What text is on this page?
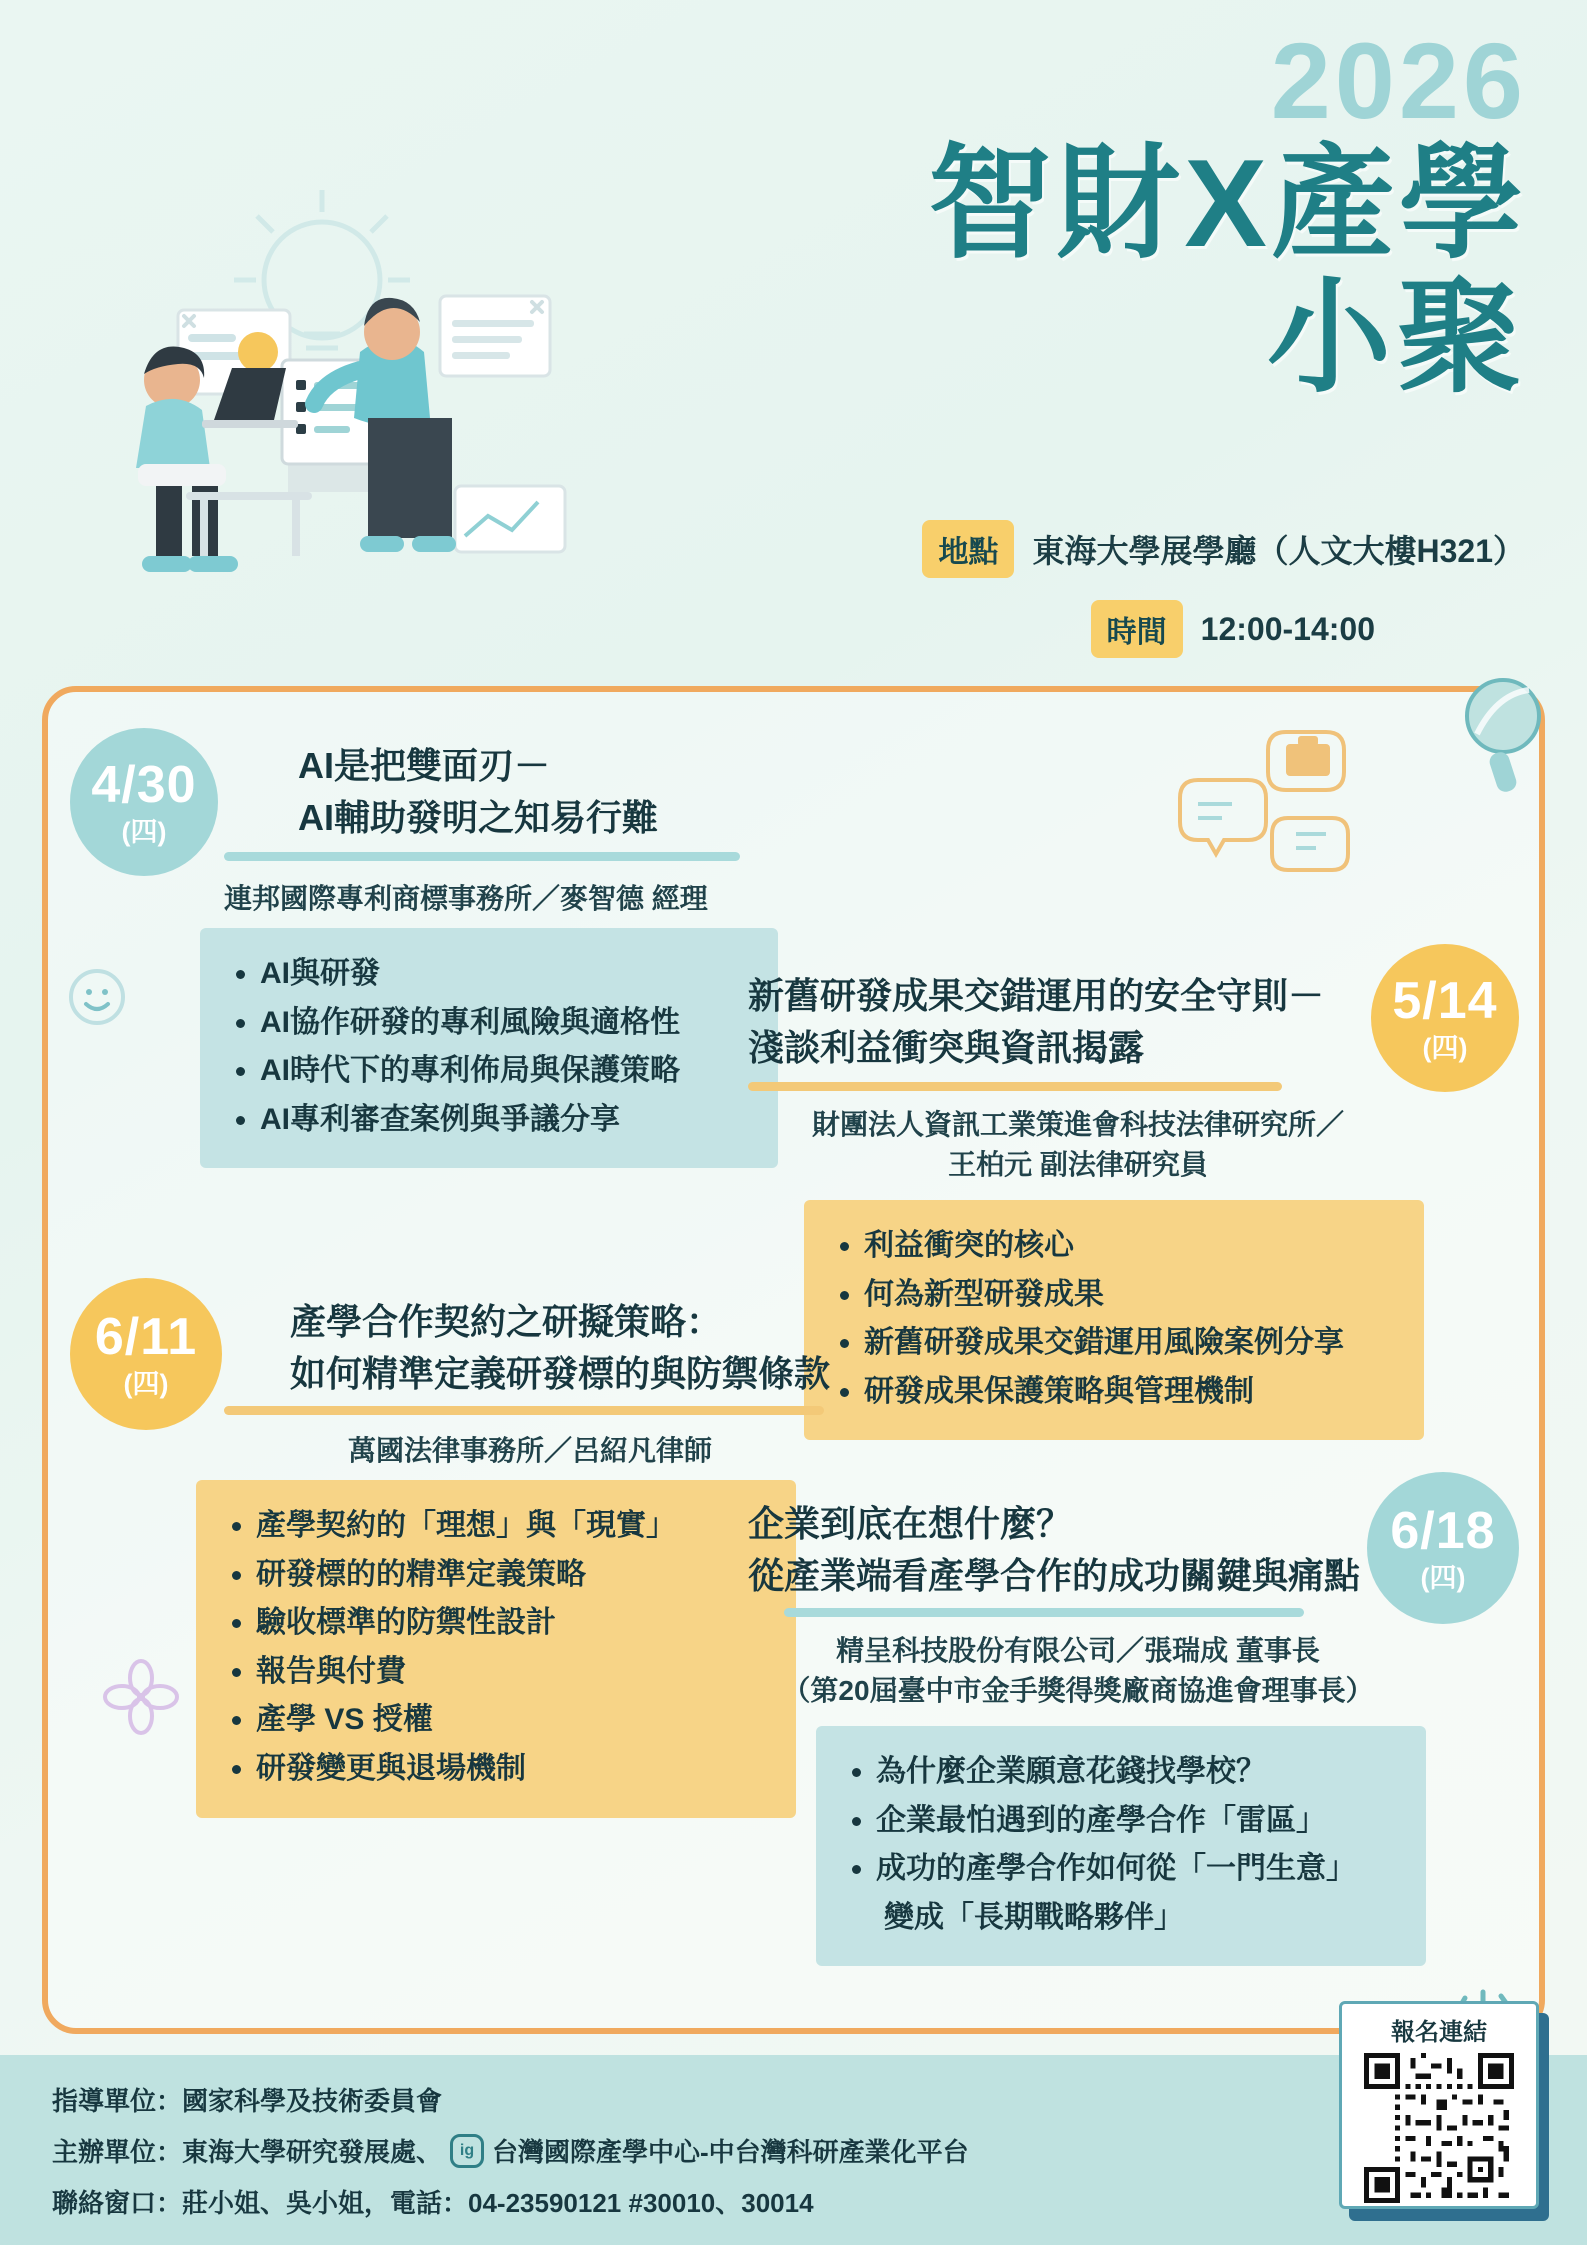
2026
智財X產學
小聚
地點	東海大學展學廳（人文大樓H321）
時間	12:00-14:00
4/30
(四)
AI是把雙面刃－
AI輔助發明之知易行難
連邦國際專利商標事務所／麥智德 經理
• AI與研發
• AI協作研發的專利風險與適格性
• AI時代下的專利佈局與保護策略
• AI專利審查案例與爭議分享
5/14
(四)
新舊研發成果交錯運用的安全守則－
淺談利益衝突與資訊揭露
財團法人資訊工業策進會科技法律研究所／
王柏元 副法律研究員
• 利益衝突的核心
• 何為新型研發成果
• 新舊研發成果交錯運用風險案例分享
• 研發成果保護策略與管理機制
6/11
(四)
產學合作契約之研擬策略：
如何精準定義研發標的與防禦條款
萬國法律事務所／呂紹凡律師
• 產學契約的「理想」與「現實」
• 研發標的的精準定義策略
• 驗收標準的防禦性設計
• 報告與付費
• 產學 VS 授權
• 研發變更與退場機制
6/18
(四)
企業到底在想什麼？
從產業端看產學合作的成功關鍵與痛點
精呈科技股份有限公司／張瑞成 董事長
（第20屆臺中市金手獎得獎廠商協進會理事長）
• 為什麼企業願意花錢找學校？
• 企業最怕遇到的產學合作「雷區」
• 成功的產學合作如何從「一門生意」
變成「長期戰略夥伴」
指導單位：國家科學及技術委員會
主辦單位：東海大學研究發展處、	ig 台灣國際產學中心-中台灣科研產業化平台
聯絡窗口：莊小姐、吳小姐，電話：04-23590121 #30010、30014
報名連結
